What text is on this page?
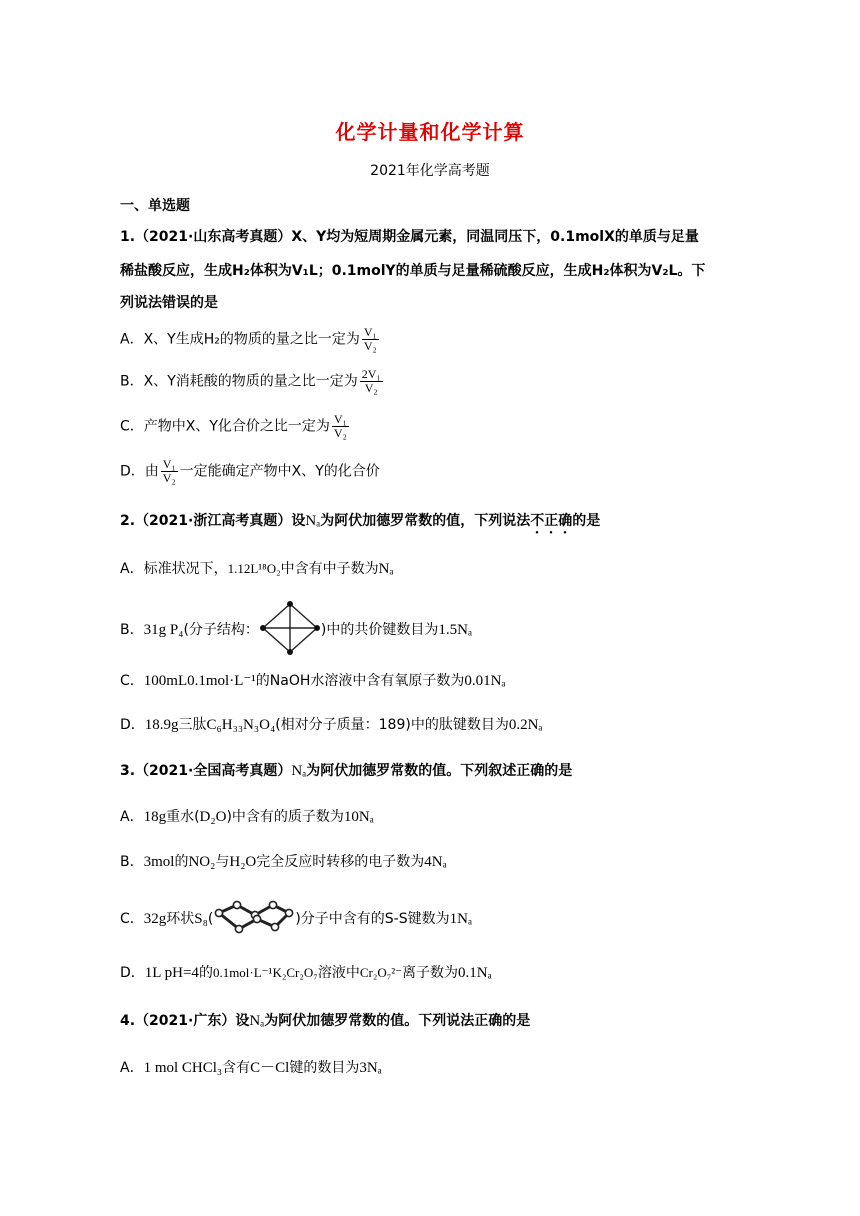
化学计量和化学计算
2021年化学高考题
一、单选题
1.（2021·山东高考真题）X、Y均为短周期金属元素，同温同压下，0.1molX的单质与足量
稀盐酸反应，生成H₂体积为V₁L；0.1molY的单质与足量稀硫酸反应，生成H₂体积为V₂L。下
列说法错误的是
A．X、Y生成H₂的物质的量之比一定为 $\frac{\text{V₁}}{\text{V₂}}$
B．X、Y消耗酸的物质的量之比一定为 $\frac{\text{2V₁}}{\text{V₂}}$
C．产物中X、Y化合价之比一定为 $\frac{\text{V₁}}{\text{V₂}}$
D．由 $\frac{\text{V₁}}{\text{V₂}}$ 一定能确定产物中X、Y的化合价
2.（2021·浙江高考真题）设Nₐ为阿伏加德罗常数的值，下列说法不正确的是
A．标准状况下，1.12L¹⁸O₂中含有中子数为Nₐ
B．31g P₄(分子结构：	)中的共价键数目为1.5Nₐ
C．100mL0.1mol·L⁻¹的NaOH水溶液中含有氧原子数为0.01Nₐ
D．18.9g三肽C₆H₃₃N₃O₄(相对分子质量：189)中的肽键数目为0.2Nₐ
3.（2021·全国高考真题）Nₐ为阿伏加德罗常数的值。下列叙述正确的是
A．18g重水(D₂O)中含有的质子数为10Nₐ
B．3mol的NO₂与H₂O完全反应时转移的电子数为4Nₐ
C．32g环状S₈(	)分子中含有的S-S键数为1Nₐ
D．1L pH=4的0.1mol·L⁻¹K₂Cr₂O₇溶液中Cr₂O₇²⁻离子数为0.1Nₐ
4.（2021·广东）设Nₐ为阿伏加德罗常数的值。下列说法正确的是
A．1 mol CHCl₃含有C－Cl键的数目为3Nₐ
